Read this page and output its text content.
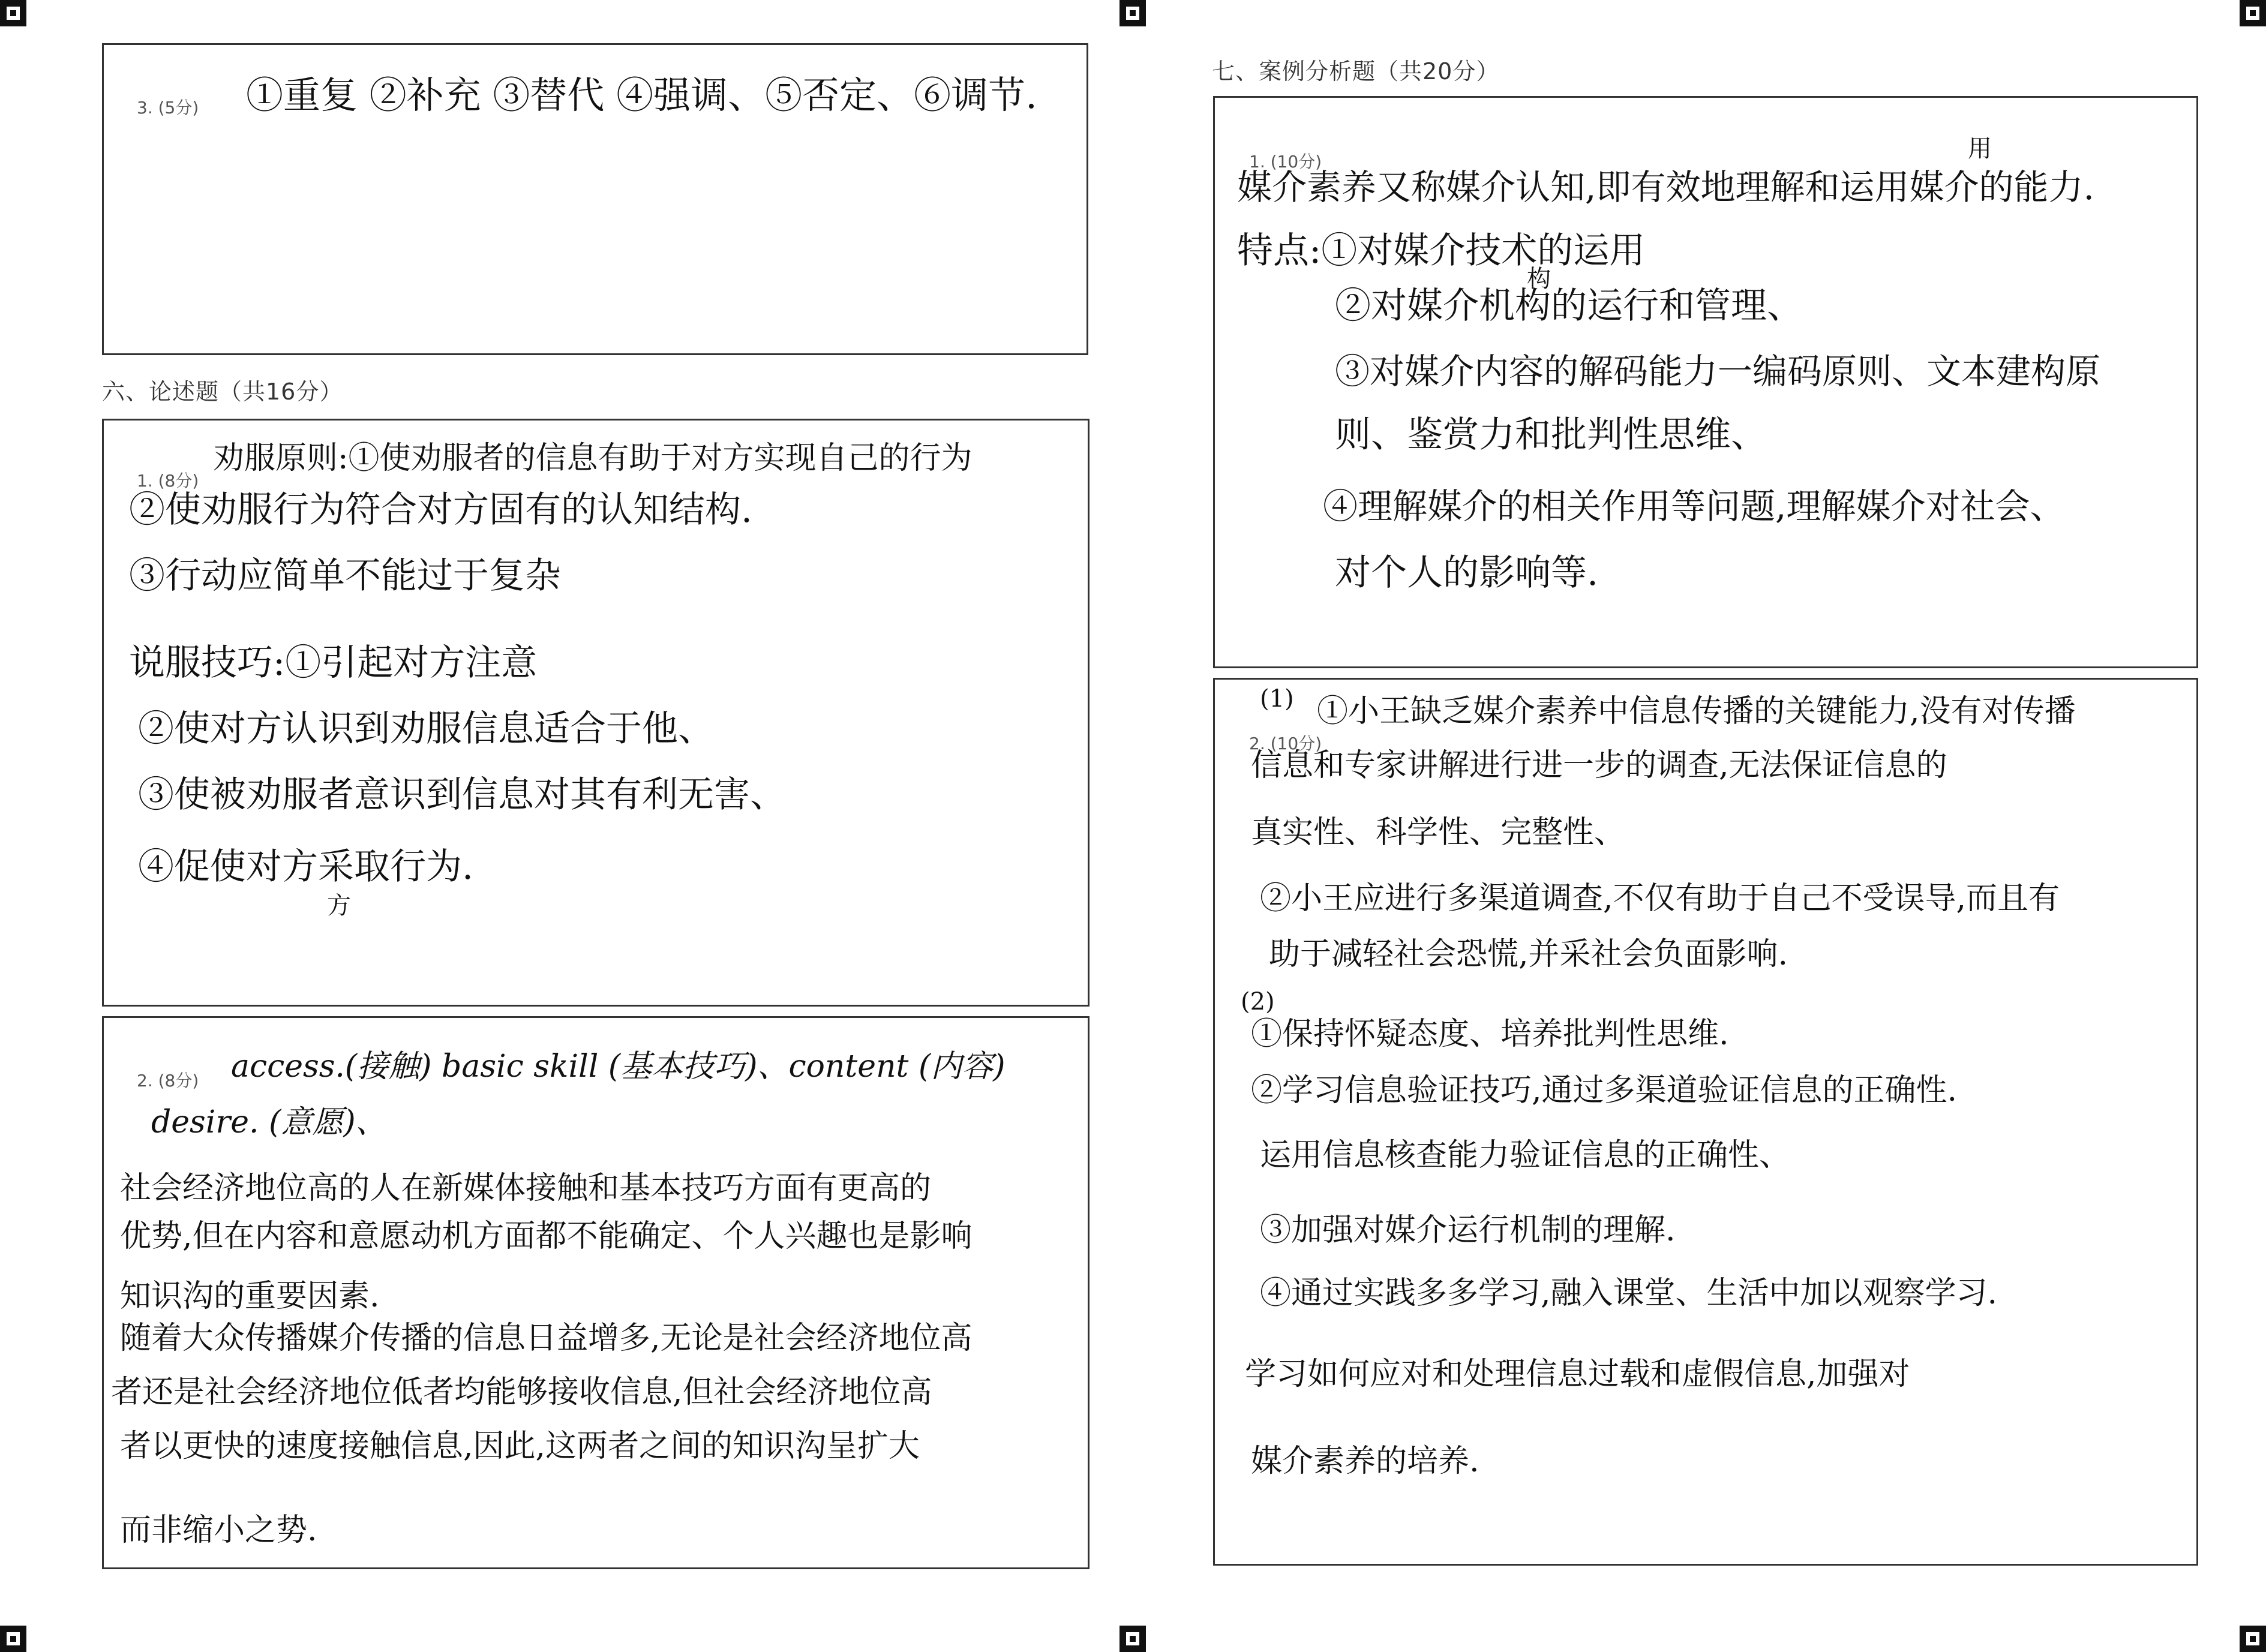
3. (5分) ①重复 ②补充 ③替代 ④强调、⑤否定、⑥调节.
六、论述题（共16分）
1. (8分)
劝服原则:①使劝服者的信息有助于对方实现自己的行为
②使劝服行为符合对方固有的认知结构.
③行动应简单不能过于复杂
说服技巧:①引起对方注意
②使对方认识到劝服信息适合于他、
③使被劝服者意识到信息对其有利无害、
④促使对方采取行为.
方
2. (8分) access.(接触) basic skill (基本技巧)、content (内容)
desire. (意愿)、
社会经济地位高的人在新媒体接触和基本技巧方面有更高的
优势,但在内容和意愿动机方面都不能确定、个人兴趣也是影响
知识沟的重要因素.
随着大众传播媒介传播的信息日益增多,无论是社会经济地位高
者还是社会经济地位低者均能够接收信息,但社会经济地位高
者以更快的速度接触信息,因此,这两者之间的知识沟呈扩大
而非缩小之势.
七、案例分析题（共20分）
1. (10分)	用
媒介素养又称媒介认知,即有效地理解和运用媒介的能力.
特点:①对媒介技术的运用
构
②对媒介机构的运行和管理、
③对媒介内容的解码能力一编码原则、文本建构原
则、鉴赏力和批判性思维、
④理解媒介的相关作用等问题,理解媒介对社会、
对个人的影响等.
(1)
2. (10分)
①小王缺乏媒介素养中信息传播的关键能力,没有对传播
信息和专家讲解进行进一步的调查,无法保证信息的
真实性、科学性、完整性、
②小王应进行多渠道调查,不仅有助于自己不受误导,而且有
助于减轻社会恐慌,并采社会负面影响.
(2)
①保持怀疑态度、培养批判性思维.
②学习信息验证技巧,通过多渠道验证信息的正确性.
运用信息核查能力验证信息的正确性、
③加强对媒介运行机制的理解.
④通过实践多多学习,融入课堂、生活中加以观察学习.
学习如何应对和处理信息过载和虚假信息,加强对
媒介素养的培养.
